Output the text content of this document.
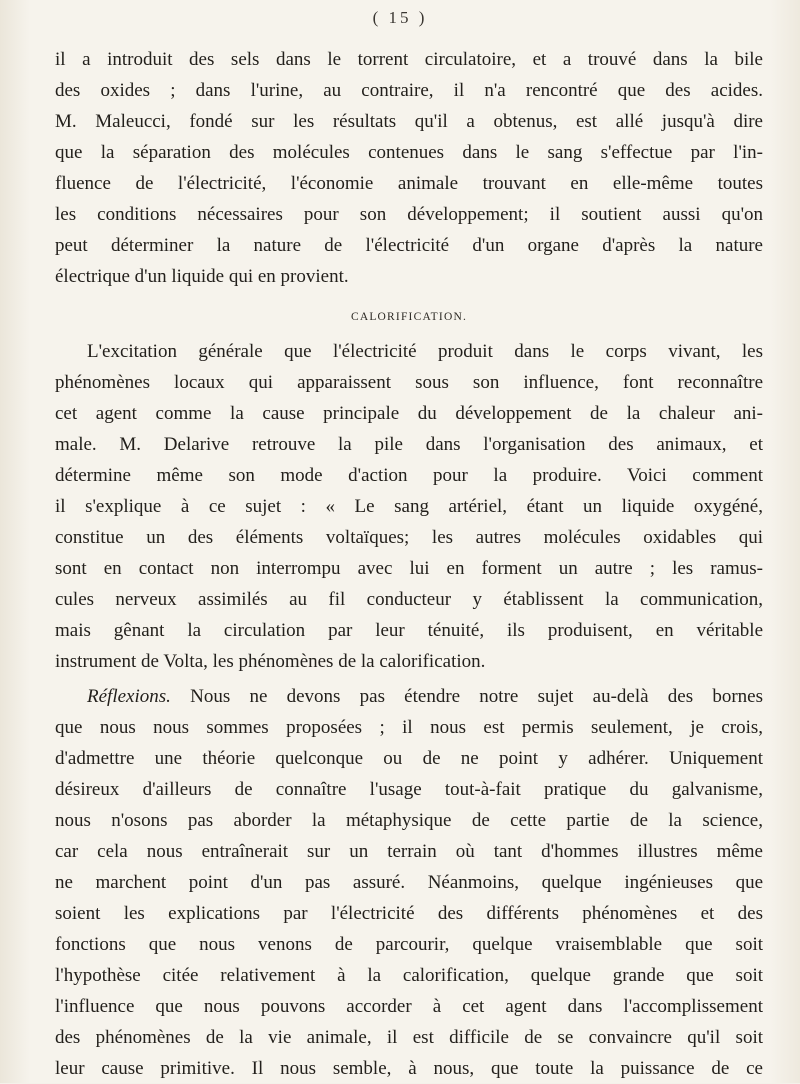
( 15 )
il a introduit des sels dans le torrent circulatoire, et a trouvé dans la bile
des oxides ; dans l'urine, au contraire, il n'a rencontré que des acides.
M. Maleucci, fondé sur les résultats qu'il a obtenus, est allé jusqu'à dire
que la séparation des molécules contenues dans le sang s'effectue par l'in-
fluence de l'électricité, l'économie animale trouvant en elle-même toutes
les conditions nécessaires pour son développement; il soutient aussi qu'on
peut déterminer la nature de l'électricité d'un organe d'après la nature
électrique d'un liquide qui en provient.
CALORIFICATION.
L'excitation générale que l'électricité produit dans le corps vivant, les
phénomènes locaux qui apparaissent sous son influence, font reconnaître
cet agent comme la cause principale du développement de la chaleur ani-
male. M. Delarive retrouve la pile dans l'organisation des animaux, et
détermine même son mode d'action pour la produire. Voici comment
il s'explique à ce sujet : « Le sang artériel, étant un liquide oxygéné,
constitue un des éléments voltaïques; les autres molécules oxidables qui
sont en contact non interrompu avec lui en forment un autre ; les ramus-
cules nerveux assimilés au fil conducteur y établissent la communication,
mais gênant la circulation par leur ténuité, ils produisent, en véritable
instrument de Volta, les phénomènes de la calorification.
Réflexions. Nous ne devons pas étendre notre sujet au-delà des bornes
que nous nous sommes proposées ; il nous est permis seulement, je crois,
d'admettre une théorie quelconque ou de ne point y adhérer. Uniquement
désireux d'ailleurs de connaître l'usage tout-à-fait pratique du galvanisme,
nous n'osons pas aborder la métaphysique de cette partie de la science,
car cela nous entraînerait sur un terrain où tant d'hommes illustres même
ne marchent point d'un pas assuré. Néanmoins, quelque ingénieuses que
soient les explications par l'électricité des différents phénomènes et des
fonctions que nous venons de parcourir, quelque vraisemblable que soit
l'hypothèse citée relativement à la calorification, quelque grande que soit
l'influence que nous pouvons accorder à cet agent dans l'accomplissement
des phénomènes de la vie animale, il est difficile de se convaincre qu'il soit
leur cause primitive. Il nous semble, à nous, que toute la puissance de ce
